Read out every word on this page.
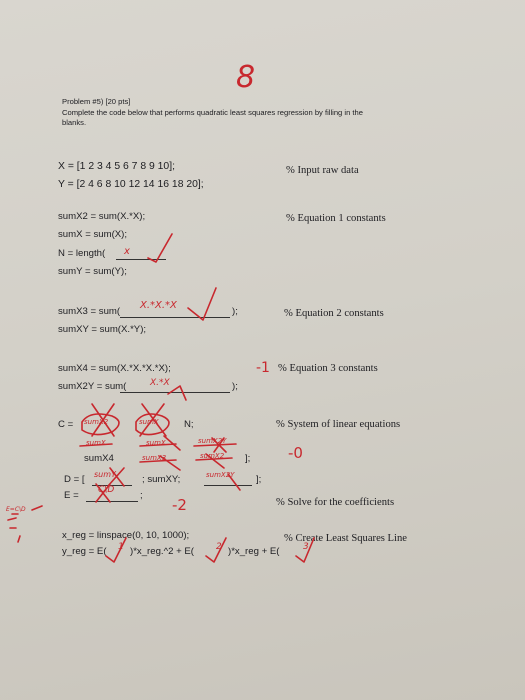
8
Problem #5) [20 pts]
Complete the code below that performs quadratic least squares regression by filling in the
blanks.
X = [1 2 3 4 5 6 7 8 9 10];
Y = [2 4 6 8 10 12 14 16 18 20];
% Input raw data
sumX2 = sum(X.*X);
sumX = sum(X);
N = length( x
sumY = sum(Y);
% Equation 1 constants
sumX3 = sum(
X.*X.*X
);
sumXY = sum(X.*Y);
% Equation 2 constants
sumX4 = sum(X.*X.*X.*X);
sumX2Y = sum(	X.*X	);
-1 % Equation 3 constants
C = sumX2	sumX	N;
sumX	sumX	sumX2Y
sumX4	sumX3	sumX2 ];
% System of linear equations
-0
D = [ sumY	; sumXY;	sumX2Y ];
E = C\D	;
-2	% Solve for the coefficients
x_reg = linspace(0, 10, 1000);	% Create Least Squares Line
y_reg = E( 1 )*x_reg.^2 + E( 2 )*x_reg + E(	3
E=C\D
